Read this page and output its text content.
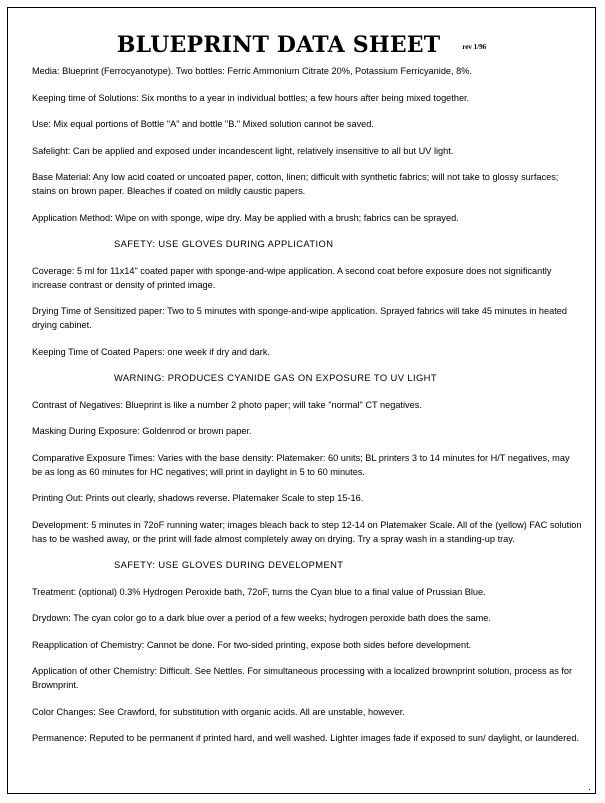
BLUEPRINT DATA SHEET	rev 1/96

Media: Blueprint (Ferrocyanotype). Two bottles: Ferric Ammonium Citrate 20%, Potassium Ferricyanide, 8%.

Keeping time of Solutions: Six months to a year in individual bottles; a few hours after being mixed together.

Use: Mix equal portions of Bottle "A" and bottle "B." Mixed solution cannot be saved.

Safelight: Can be applied and exposed under incandescent light, relatively insensitive to all but UV light.

Base Material: Any low acid coated or uncoated paper, cotton, linen; difficult with synthetic fabrics; will not take to glossy surfaces; stains on brown paper. Bleaches if coated on mildly caustic papers.

Application Method: Wipe on with sponge, wipe dry. May be applied with a brush; fabrics can be sprayed.

SAFETY: USE GLOVES DURING APPLICATION

Coverage: 5 ml for 11x14" coated paper with sponge-and-wipe application. A second coat before exposure does not significantly increase contrast or density of printed image.

Drying Time of Sensitized paper: Two to 5 minutes with sponge-and-wipe application. Sprayed fabrics will take 45 minutes in heated drying cabinet.

Keeping Time of Coated Papers: one week if dry and dark.

WARNING: PRODUCES CYANIDE GAS ON EXPOSURE TO UV LIGHT

Contrast of Negatives: Blueprint is like a number 2 photo paper; will take "normal" CT negatives.

Masking During Exposure: Goldenrod or brown paper.

Comparative Exposure Times: Varies with the base density: Platemaker: 60 units; BL printers 3 to 14 minutes for H/T negatives, may be as long as 60 minutes for HC negatives; will print in daylight in 5 to 60 minutes.

Printing Out: Prints out clearly, shadows reverse. Platemaker Scale to step 15-16.

Development: 5 minutes in 72oF running water; images bleach back to step 12-14 on Platemaker Scale. All of the (yellow) FAC solution has to be washed away, or the print will fade almost completely away on drying. Try a spray wash in a standing-up tray.

SAFETY: USE GLOVES DURING DEVELOPMENT

Treatment: (optional) 0.3% Hydrogen Peroxide bath, 72oF, turns the Cyan blue to a final value of Prussian Blue.

Drydown: The cyan color go to a dark blue over a period of a few weeks; hydrogen peroxide bath does the same.

Reapplication of Chemistry: Cannot be done. For two-sided printing, expose both sides before development.

Application of other Chemistry: Difficult. See Nettles. For simultaneous processing with a localized brownprint solution, process as for Brownprint.

Color Changes: See Crawford, for substitution with organic acids. All are unstable, however.

Permanence: Reputed to be permanent if printed hard, and well washed. Lighter images fade if exposed to sun/ daylight, or laundered.
